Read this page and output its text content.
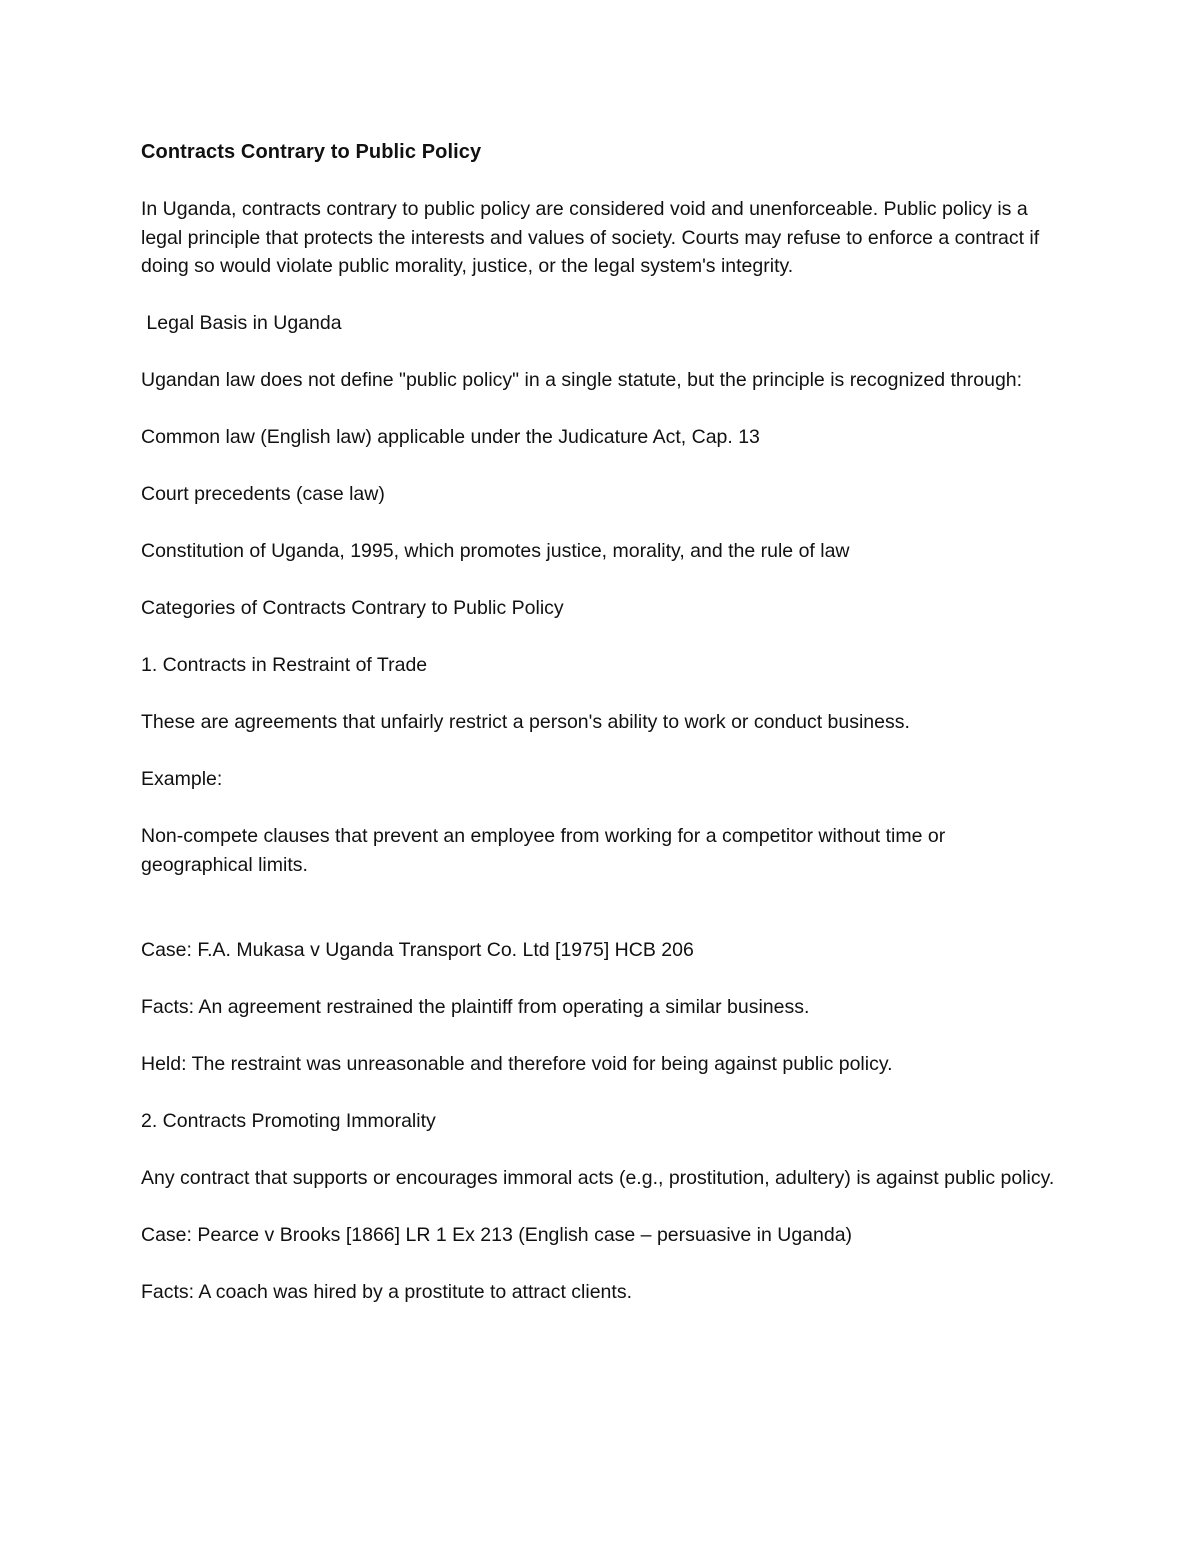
Contracts Contrary to Public Policy

In Uganda, contracts contrary to public policy are considered void and unenforceable. Public policy is a legal principle that protects the interests and values of society. Courts may refuse to enforce a contract if doing so would violate public morality, justice, or the legal system's integrity.

Legal Basis in Uganda

Ugandan law does not define "public policy" in a single statute, but the principle is recognized through:

Common law (English law) applicable under the Judicature Act, Cap. 13

Court precedents (case law)

Constitution of Uganda, 1995, which promotes justice, morality, and the rule of law

Categories of Contracts Contrary to Public Policy

1. Contracts in Restraint of Trade

These are agreements that unfairly restrict a person's ability to work or conduct business.

Example:

Non-compete clauses that prevent an employee from working for a competitor without time or geographical limits.

Case: F.A. Mukasa v Uganda Transport Co. Ltd [1975] HCB 206

Facts: An agreement restrained the plaintiff from operating a similar business.

Held: The restraint was unreasonable and therefore void for being against public policy.

2. Contracts Promoting Immorality

Any contract that supports or encourages immoral acts (e.g., prostitution, adultery) is against public policy.

Case: Pearce v Brooks [1866] LR 1 Ex 213 (English case – persuasive in Uganda)

Facts: A coach was hired by a prostitute to attract clients.
